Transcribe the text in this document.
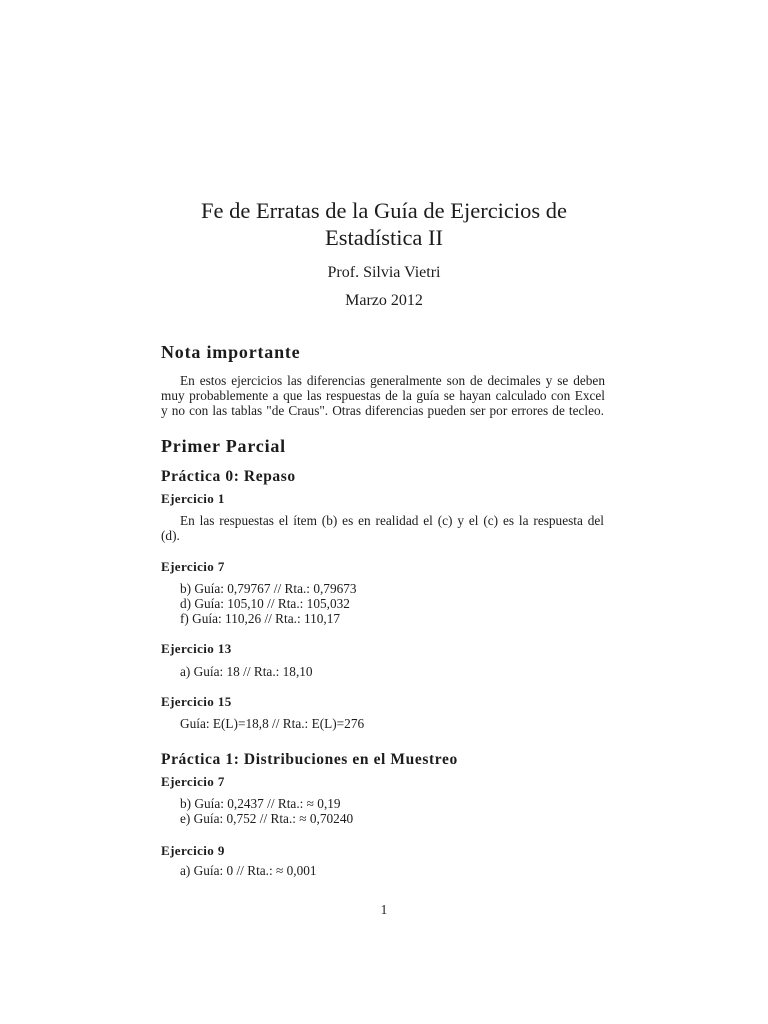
Fe de Erratas de la Guía de Ejercicios de
Estadística II

Prof. Silvia Vietri

Marzo 2012

Nota importante

En estos ejercicios las diferencias generalmente son de decimales y se deben

muy probablemente a que las respuestas de la guía se hayan calculado con Excel

y no con las tablas "de Craus". Otras diferencias pueden ser por errores de tecleo.

Primer Parcial
Práctica 0: Repaso
Ejercicio 1

En las respuestas el ítem (b) es en realidad el (c) y el (c) es la respuesta del

(d).

Ejercicio 7

b) Guía: 0,79767 // Rta.: 0,79673

d) Guía: 105,10 // Rta.: 105,032

f) Guía: 110,26 // Rta.: 110,17

Ejercicio 13

a) Guía: 18 // Rta.: 18,10

Ejercicio 15

Guía: E(L)=18,8 // Rta.: E(L)=276

Práctica 1: Distribuciones en el Muestreo
Ejercicio 7

b) Guía: 0,2437 // Rta.: ≈ 0,19

e) Guía: 0,752 // Rta.: ≈ 0,70240

Ejercicio 9

a) Guía: 0 // Rta.: ≈ 0,001

1
